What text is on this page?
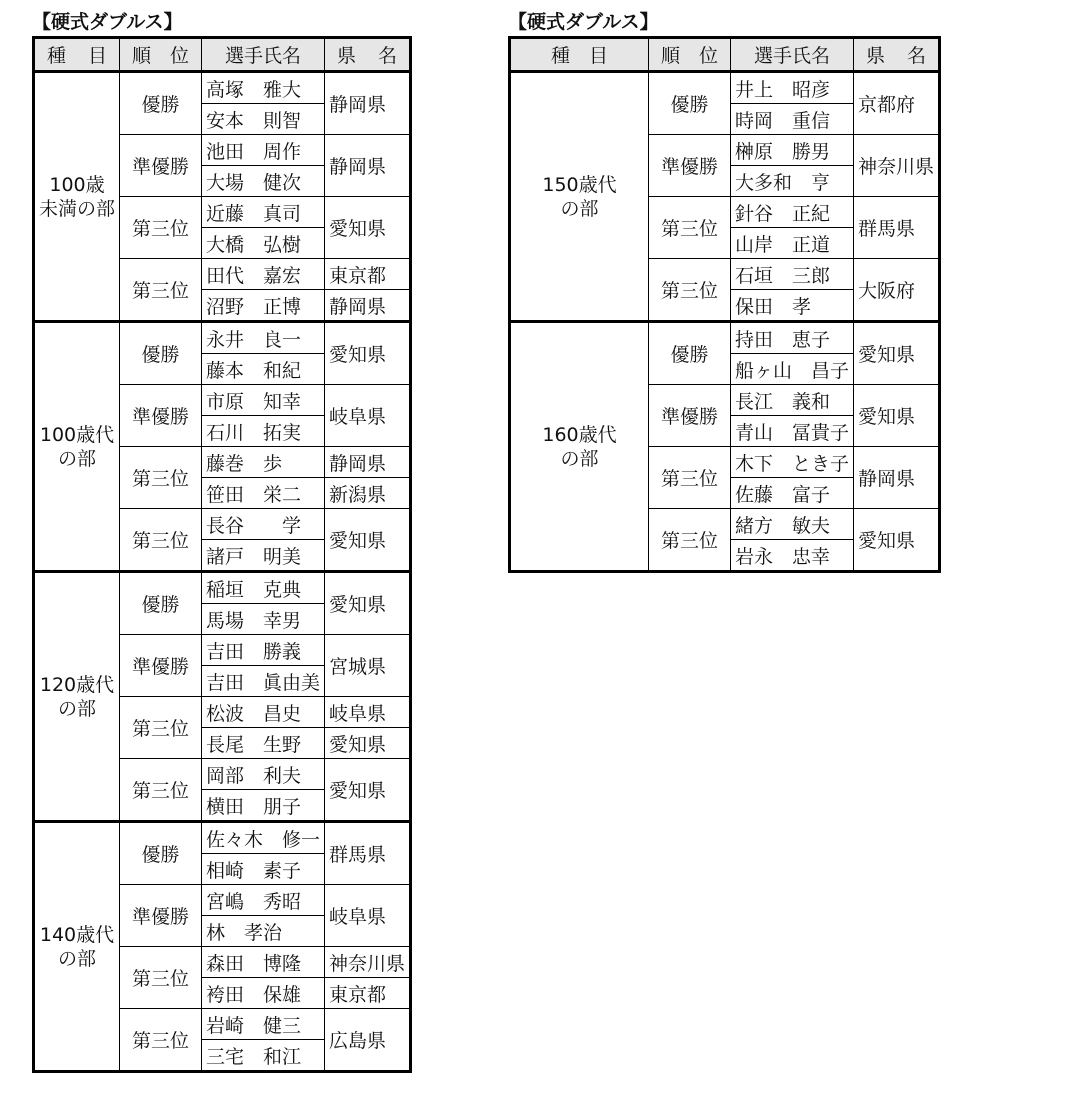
【硬式ダブルス】
種　目	順　位	選手氏名	県　名

100歳
未満の部	優勝	高塚　雅大	静岡県
		安本　則智	
	準優勝	池田　周作	静岡県
		大場　健次	
	第三位	近藤　真司	愛知県
		大橋　弘樹	
	第三位	田代　嘉宏	東京都
		沼野　正博	静岡県

100歳代
の部	優勝	永井　良一	愛知県
		藤本　和紀	
	準優勝	市原　知幸	岐阜県
		石川　拓実	
	第三位	藤巻　歩	静岡県
		笹田　栄二	新潟県
	第三位	長谷　　学	愛知県
		諸戸　明美	

120歳代
の部	優勝	稲垣　克典	愛知県
		馬場　幸男	
	準優勝	吉田　勝義	宮城県
		吉田　眞由美	
	第三位	松波　昌史	岐阜県
		長尾　生野	愛知県
	第三位	岡部　利夫	愛知県
		横田　朋子	

140歳代
の部	優勝	佐々木　修一	群馬県
		相崎　素子	
	準優勝	宮嶋　秀昭	岐阜県
		林　孝治	
	第三位	森田　博隆	神奈川県
		袴田　保雄	東京都
	第三位	岩崎　健三	広島県
		三宅　和江	
【硬式ダブルス】
種　目	順　位	選手氏名	県　名

150歳代
の部	優勝	井上　昭彦	京都府
		時岡　重信	
	準優勝	榊原　勝男	神奈川県
		大多和　亨	
	第三位	針谷　正紀	群馬県
		山岸　正道	
	第三位	石垣　三郎	大阪府
		保田　孝	

160歳代
の部	優勝	持田　恵子	愛知県
		船ヶ山　昌子	
	準優勝	長江　義和	愛知県
		青山　冨貴子	
	第三位	木下　とき子	静岡県
		佐藤　富子	
	第三位	緒方　敏夫	愛知県
		岩永　忠幸	
